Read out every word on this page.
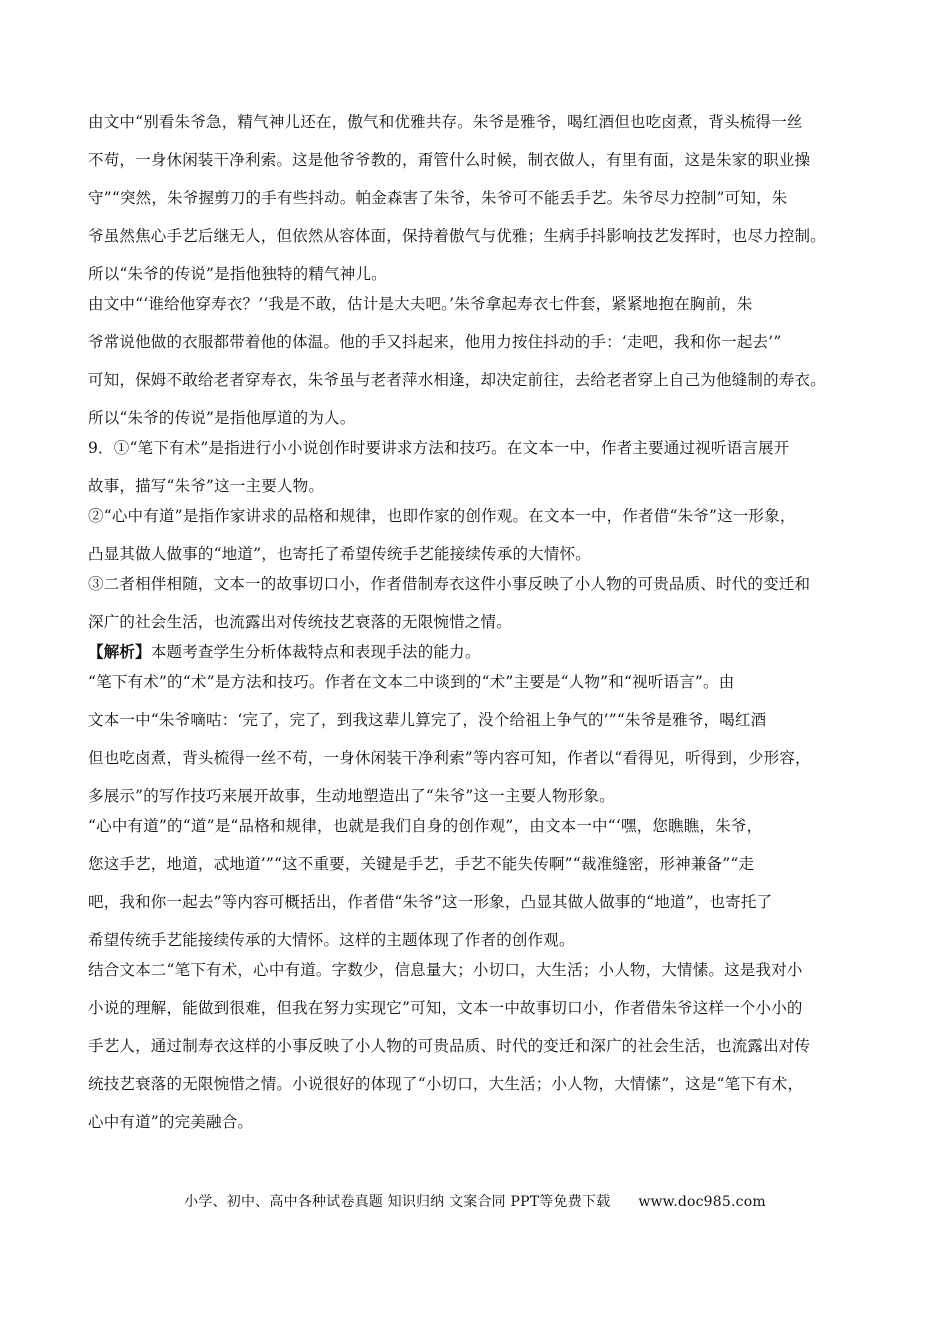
由文中“别看朱爷急，精气神儿还在，傲气和优雅共存。朱爷是雅爷，喝红酒但也吃卤煮，背头梳得一丝
不苟，一身休闲装干净利索。这是他爷爷教的，甭管什么时候，制衣做人，有里有面，这是朱家的职业操
守”“突然，朱爷握剪刀的手有些抖动。帕金森害了朱爷，朱爷可不能丢手艺。朱爷尽力控制”可知，朱
爷虽然焦心手艺后继无人，但依然从容体面，保持着傲气与优雅；生病手抖影响技艺发挥时，也尽力控制。
所以“朱爷的传说”是指他独特的精气神儿。
由文中“‘谁给他穿寿衣？’‘我是不敢，估计是大夫吧。’朱爷拿起寿衣七件套，紧紧地抱在胸前，朱
爷常说他做的衣服都带着他的体温。他的手又抖起来，他用力按住抖动的手：‘走吧，我和你一起去’”
可知，保姆不敢给老者穿寿衣，朱爷虽与老者萍水相逢，却决定前往，去给老者穿上自己为他缝制的寿衣。
所以“朱爷的传说”是指他厚道的为人。
9．①“笔下有术”是指进行小小说创作时要讲求方法和技巧。在文本一中，作者主要通过视听语言展开
故事，描写“朱爷”这一主要人物。
②“心中有道”是指作家讲求的品格和规律，也即作家的创作观。在文本一中，作者借“朱爷”这一形象，
凸显其做人做事的“地道”，也寄托了希望传统手艺能接续传承的大情怀。
③二者相伴相随，文本一的故事切口小，作者借制寿衣这件小事反映了小人物的可贵品质、时代的变迁和
深广的社会生活，也流露出对传统技艺衰落的无限惋惜之情。
【解析】本题考查学生分析体裁特点和表现手法的能力。
“笔下有术”的“术”是方法和技巧。作者在文本二中谈到的“术”主要是“人物”和“视听语言”。由
文本一中“朱爷嘀咕：‘完了，完了，到我这辈儿算完了，没个给祖上争气的’”“朱爷是雅爷，喝红酒
但也吃卤煮，背头梳得一丝不苟，一身休闲装干净利索”等内容可知，作者以“看得见，听得到，少形容，
多展示”的写作技巧来展开故事，生动地塑造出了“朱爷”这一主要人物形象。
“心中有道”的“道”是“品格和规律，也就是我们自身的创作观”，由文本一中“‘嘿，您瞧瞧，朱爷，
您这手艺，地道，忒地道’”“这不重要，关键是手艺，手艺不能失传啊”“裁准缝密，形神兼备”“走
吧，我和你一起去”等内容可概括出，作者借“朱爷”这一形象，凸显其做人做事的“地道”，也寄托了
希望传统手艺能接续传承的大情怀。这样的主题体现了作者的创作观。
结合文本二“笔下有术，心中有道。字数少，信息量大；小切口，大生活；小人物，大情愫。这是我对小
小说的理解，能做到很难，但我在努力实现它”可知，文本一中故事切口小，作者借朱爷这样一个小小的
手艺人，通过制寿衣这样的小事反映了小人物的可贵品质、时代的变迁和深广的社会生活，也流露出对传
统技艺衰落的无限惋惜之情。小说很好的体现了“小切口，大生活；小人物，大情愫”，这是“笔下有术，
心中有道”的完美融合。
小学、初中、高中各种试卷真题 知识归纳 文案合同 PPT等免费下载 www.doc985.com
